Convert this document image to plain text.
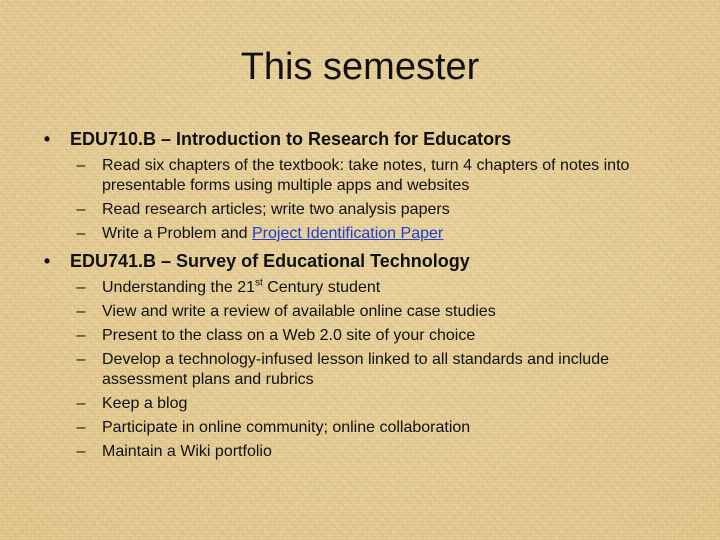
This semester
• EDU710.B – Introduction to Research for Educators
– Read six chapters of the textbook: take notes, turn 4 chapters of notes into presentable forms using multiple apps and websites
– Read research articles; write two analysis papers
– Write a Problem and Project Identification Paper
• EDU741.B – Survey of Educational Technology
– Understanding the 21st Century student
– View and write a review of available online case studies
– Present to the class on a Web 2.0 site of your choice
– Develop a technology-infused lesson linked to all standards and include assessment plans and rubrics
– Keep a blog
– Participate in online community; online collaboration
– Maintain a Wiki portfolio
